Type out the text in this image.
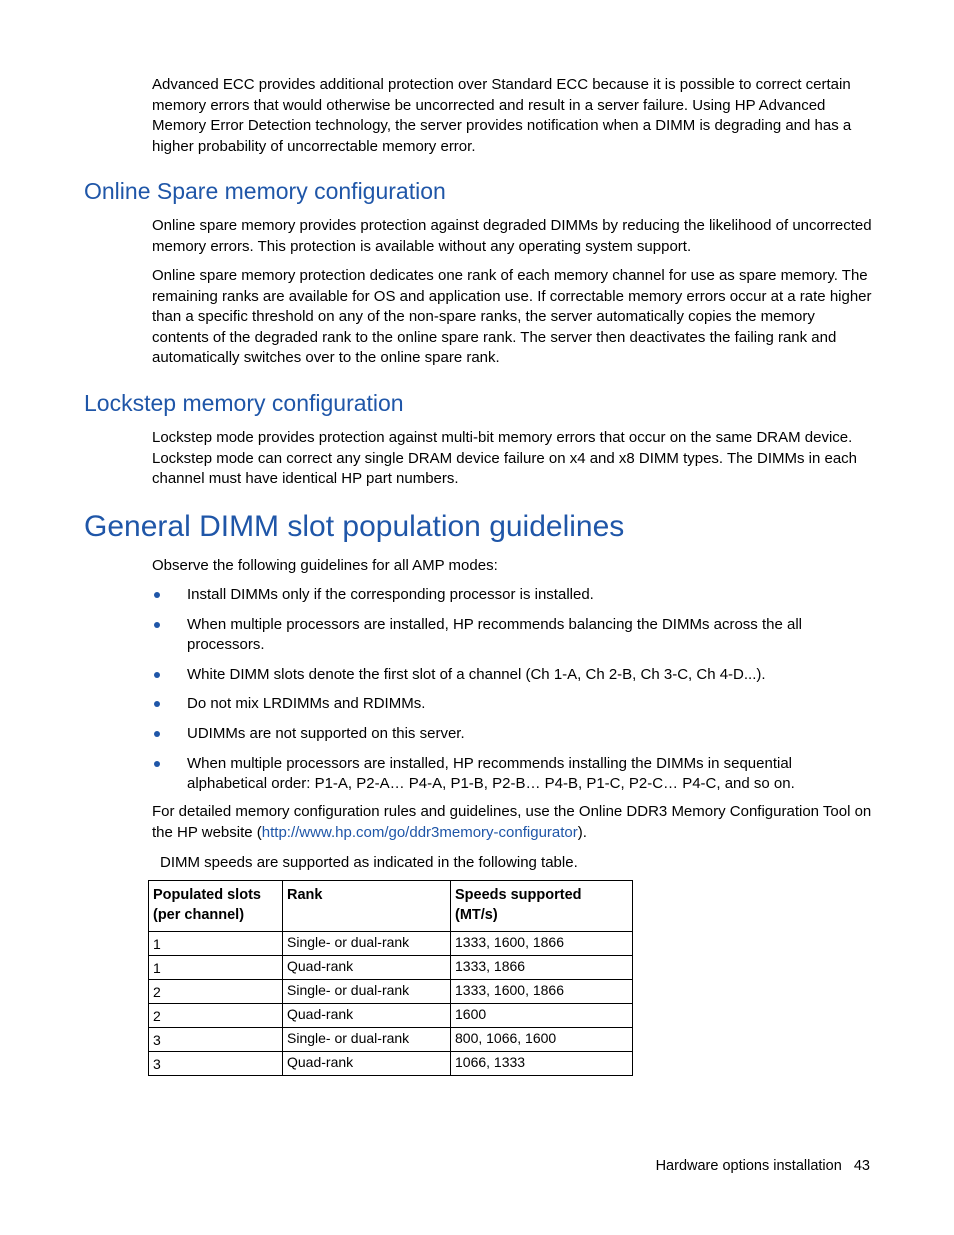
Advanced ECC provides additional protection over Standard ECC because it is possible to correct certain memory errors that would otherwise be uncorrected and result in a server failure. Using HP Advanced Memory Error Detection technology, the server provides notification when a DIMM is degrading and has a higher probability of uncorrectable memory error.

Online Spare memory configuration

Online spare memory provides protection against degraded DIMMs by reducing the likelihood of uncorrected memory errors. This protection is available without any operating system support.

Online spare memory protection dedicates one rank of each memory channel for use as spare memory. The remaining ranks are available for OS and application use. If correctable memory errors occur at a rate higher than a specific threshold on any of the non-spare ranks, the server automatically copies the memory contents of the degraded rank to the online spare rank. The server then deactivates the failing rank and automatically switches over to the online spare rank.

Lockstep memory configuration

Lockstep mode provides protection against multi-bit memory errors that occur on the same DRAM device. Lockstep mode can correct any single DRAM device failure on x4 and x8 DIMM types. The DIMMs in each channel must have identical HP part numbers.

General DIMM slot population guidelines

Observe the following guidelines for all AMP modes:

Install DIMMs only if the corresponding processor is installed.
When multiple processors are installed, HP recommends balancing the DIMMs across the all processors.
White DIMM slots denote the first slot of a channel (Ch 1-A, Ch 2-B, Ch 3-C, Ch 4-D...).
Do not mix LRDIMMs and RDIMMs.
UDIMMs are not supported on this server.
When multiple processors are installed, HP recommends installing the DIMMs in sequential alphabetical order: P1-A, P2-A… P4-A, P1-B, P2-B… P4-B, P1-C, P2-C… P4-C, and so on.

For detailed memory configuration rules and guidelines, use the Online DDR3 Memory Configuration Tool on the HP website (http://www.hp.com/go/ddr3memory-configurator).

DIMM speeds are supported as indicated in the following table.

Populated slots (per channel)	Rank	Speeds supported (MT/s)
1	Single- or dual-rank	1333, 1600, 1866
1	Quad-rank	1333, 1866
2	Single- or dual-rank	1333, 1600, 1866
2	Quad-rank	1600
3	Single- or dual-rank	800, 1066, 1600
3	Quad-rank	1066, 1333
Hardware options installation 43
